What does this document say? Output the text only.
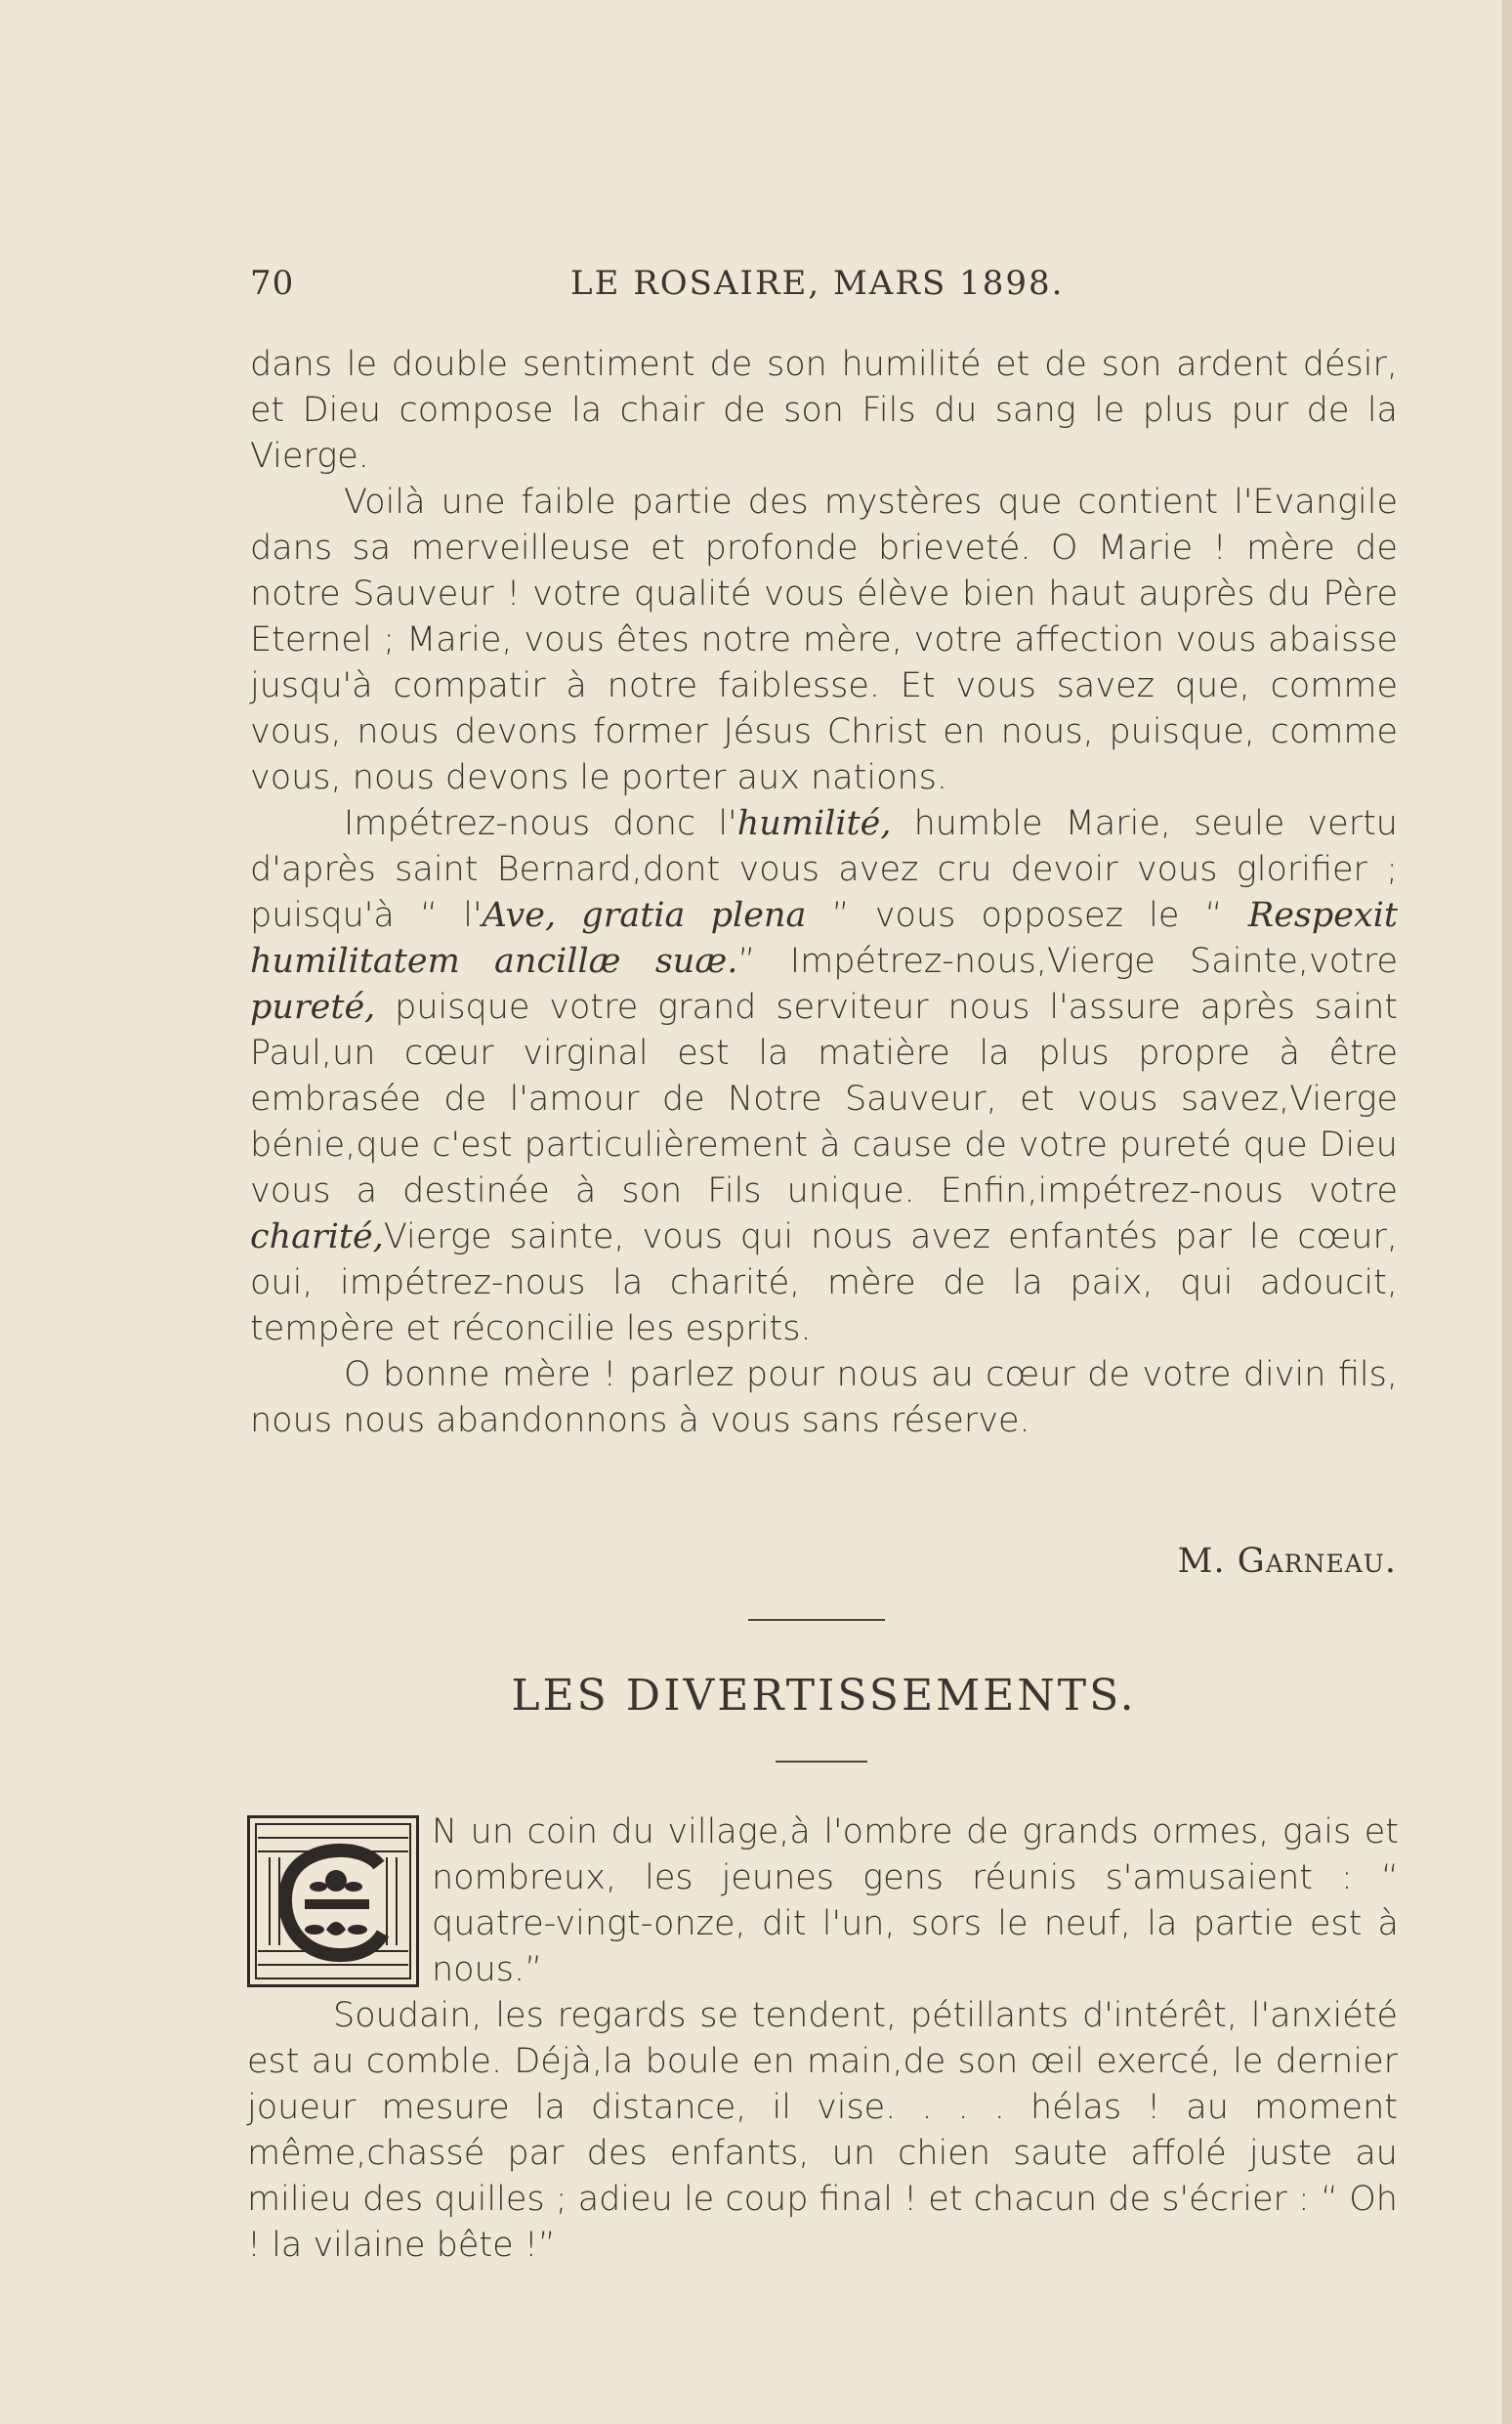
70	LE ROSAIRE, MARS 1898.

dans le double sentiment de son humilité et de son ardent désir, et Dieu compose la chair de son Fils du sang le plus pur de la Vierge.

Voilà une faible partie des mystères que contient l'Evangile dans sa merveilleuse et profonde brieveté. O Marie ! mère de notre Sauveur ! votre qualité vous élève bien haut auprès du Père Eternel ; Marie, vous êtes notre mère, votre affection vous abaisse jusqu'à compatir à notre faiblesse. Et vous savez que, comme vous, nous devons former Jésus Christ en nous, puisque, comme vous, nous devons le porter aux nations.

Impétrez-nous donc l'humilité, humble Marie, seule vertu d'après saint Bernard,dont vous avez cru devoir vous glorifier ; puisqu'à “ l'Ave, gratia plena ” vous opposez le “ Respexit humilitatem ancillæ suæ.” Impétrez-nous,Vierge Sainte,votre pureté, puisque votre grand serviteur nous l'assure après saint Paul,un cœur virginal est la matière la plus propre à être embrasée de l'amour de Notre Sauveur, et vous savez,Vierge bénie,que c'est particulièrement à cause de votre pureté que Dieu vous a destinée à son Fils unique. Enfin,impétrez-nous votre charité,Vierge sainte, vous qui nous avez enfantés par le cœur, oui, impétrez-nous la charité, mère de la paix, qui adoucit, tempère et réconcilie les esprits.

O bonne mère ! parlez pour nous au cœur de votre divin fils, nous nous abandonnons à vous sans réserve.

M. Garneau.
LES DIVERTISSEMENTS.

N un coin du village,à l'ombre de grands ormes, gais et nombreux, les jeunes gens réunis s'amusaient : “ quatre-vingt-onze, dit l'un, sors le neuf, la partie est à nous.”

Soudain, les regards se tendent, pétillants d'intérêt, l'anxiété est au comble. Déjà,la boule en main,de son œil exercé, le dernier joueur mesure la distance, il vise. . . . hélas ! au moment même,chassé par des enfants, un chien saute affolé juste au milieu des quilles ; adieu le coup final ! et chacun de s'écrier : “ Oh ! la vilaine bête !”
